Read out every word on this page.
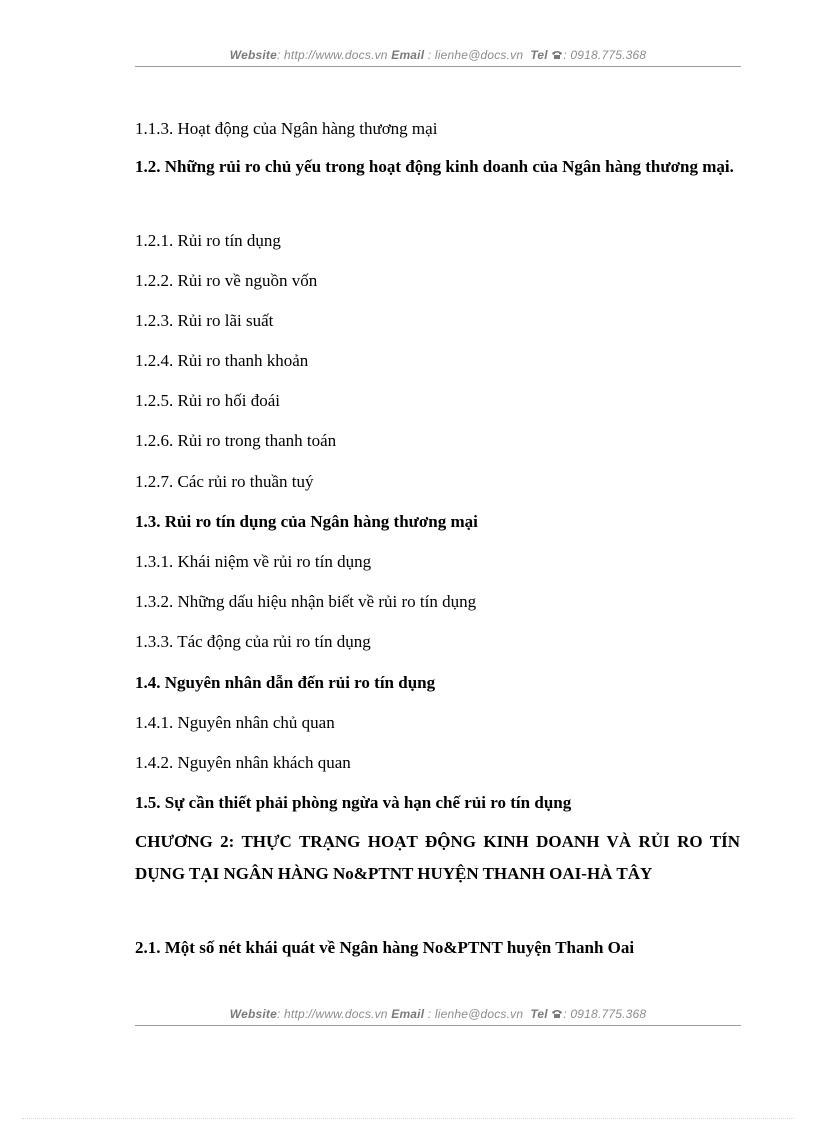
Website: http://www.docs.vn Email : lienhe@docs.vn Tel : 0918.775.368
1.1.3. Hoạt động của Ngân hàng thương mại
1.2. Những rủi ro chủ yếu trong hoạt động kinh doanh của Ngân hàng thương mại.
1.2.1. Rủi ro tín dụng
1.2.2. Rủi ro về nguồn vốn
1.2.3. Rủi ro lãi suất
1.2.4. Rủi ro thanh khoản
1.2.5. Rủi ro hối đoái
1.2.6. Rủi ro trong thanh toán
1.2.7. Các rủi ro thuần tuý
1.3. Rủi ro tín dụng của Ngân hàng thương mại
1.3.1. Khái niệm về rủi ro tín dụng
1.3.2. Những dấu hiệu nhận biết về rủi ro tín dụng
1.3.3. Tác động của rủi ro tín dụng
1.4. Nguyên nhân dẫn đến rủi ro tín dụng
1.4.1. Nguyên nhân chủ quan
1.4.2. Nguyên nhân khách quan
1.5. Sự cần thiết phải phòng ngừa và hạn chế rủi ro tín dụng
CHƯƠNG 2: THỰC TRẠNG HOẠT ĐỘNG KINH DOANH VÀ RỦI RO TÍN DỤNG TẠI NGÂN HÀNG No&PTNT HUYỆN THANH OAI-HÀ TÂY
2.1. Một số nét khái quát về Ngân hàng No&PTNT huyện Thanh Oai
Website: http://www.docs.vn Email : lienhe@docs.vn Tel : 0918.775.368
